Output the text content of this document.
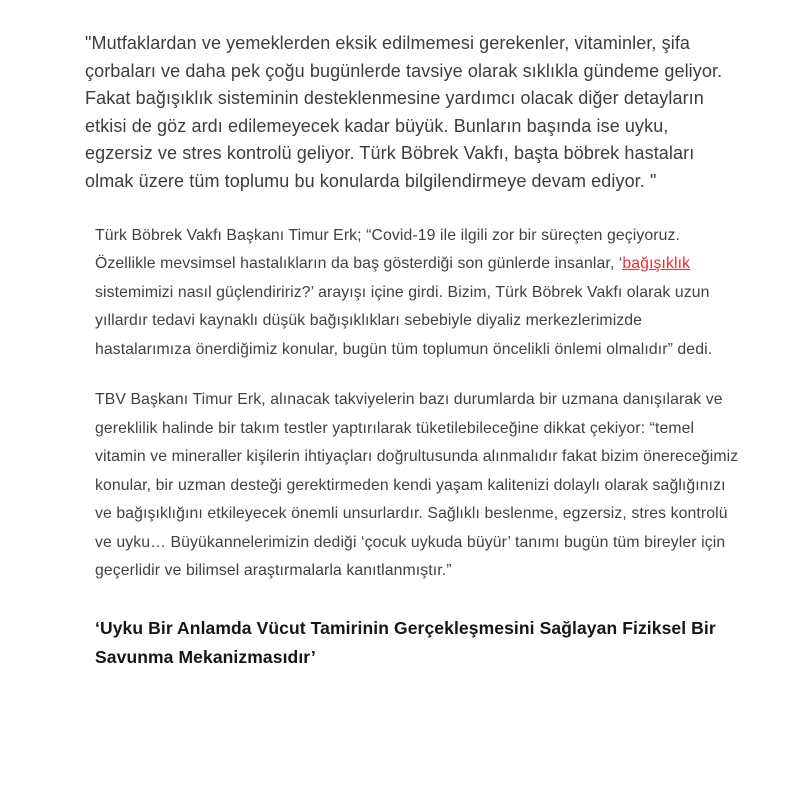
"Mutfaklardan ve yemeklerden eksik edilmemesi gerekenler, vitaminler, şifa çorbaları ve daha pek çoğu bugünlerde tavsiye olarak sıklıkla gündeme geliyor. Fakat bağışıklık sisteminin desteklenmesine yardımcı olacak diğer detayların etkisi de göz ardı edilemeyecek kadar büyük. Bunların başında ise uyku, egzersiz ve stres kontrolü geliyor. Türk Böbrek Vakfı, başta böbrek hastaları olmak üzere tüm toplumu bu konularda bilgilendirmeye devam ediyor. "

Türk Böbrek Vakfı Başkanı Timur Erk; “Covid-19 ile ilgili zor bir süreçten geçiyoruz. Özellikle mevsimsel hastalıkların da baş gösterdiği son günlerde insanlar, ‘bağışıklık sistemimizi nasıl güçlendiririz?’ arayışı içine girdi. Bizim, Türk Böbrek Vakfı olarak uzun yıllardır tedavi kaynaklı düşük bağışıklıkları sebebiyle diyaliz merkezlerimizde hastalarımıza önerdiğimiz konular, bugün tüm toplumun öncelikli önlemi olmalıdır” dedi.

TBV Başkanı Timur Erk, alınacak takviyelerin bazı durumlarda bir uzmana danışılarak ve gereklilik halinde bir takım testler yaptırılarak tüketilebileceğine dikkat çekiyor: “temel vitamin ve mineraller kişilerin ihtiyaçları doğrultusunda alınmalıdır fakat bizim önereceğimiz konular, bir uzman desteği gerektirmeden kendi yaşam kalitenizi dolaylı olarak sağlığınızı ve bağışıklığını etkileyecek önemli unsurlardır. Sağlıklı beslenme, egzersiz, stres kontrolü ve uyku… Büyükannelerimizin dediği ‘çocuk uykuda büyür’ tanımı bugün tüm bireyler için geçerlidir ve bilimsel araştırmalarla kanıtlanmıştır.”

‘Uyku Bir Anlamda Vücut Tamirinin Gerçekleşmesini Sağlayan Fiziksel Bir Savunma Mekanizmasıdır’
